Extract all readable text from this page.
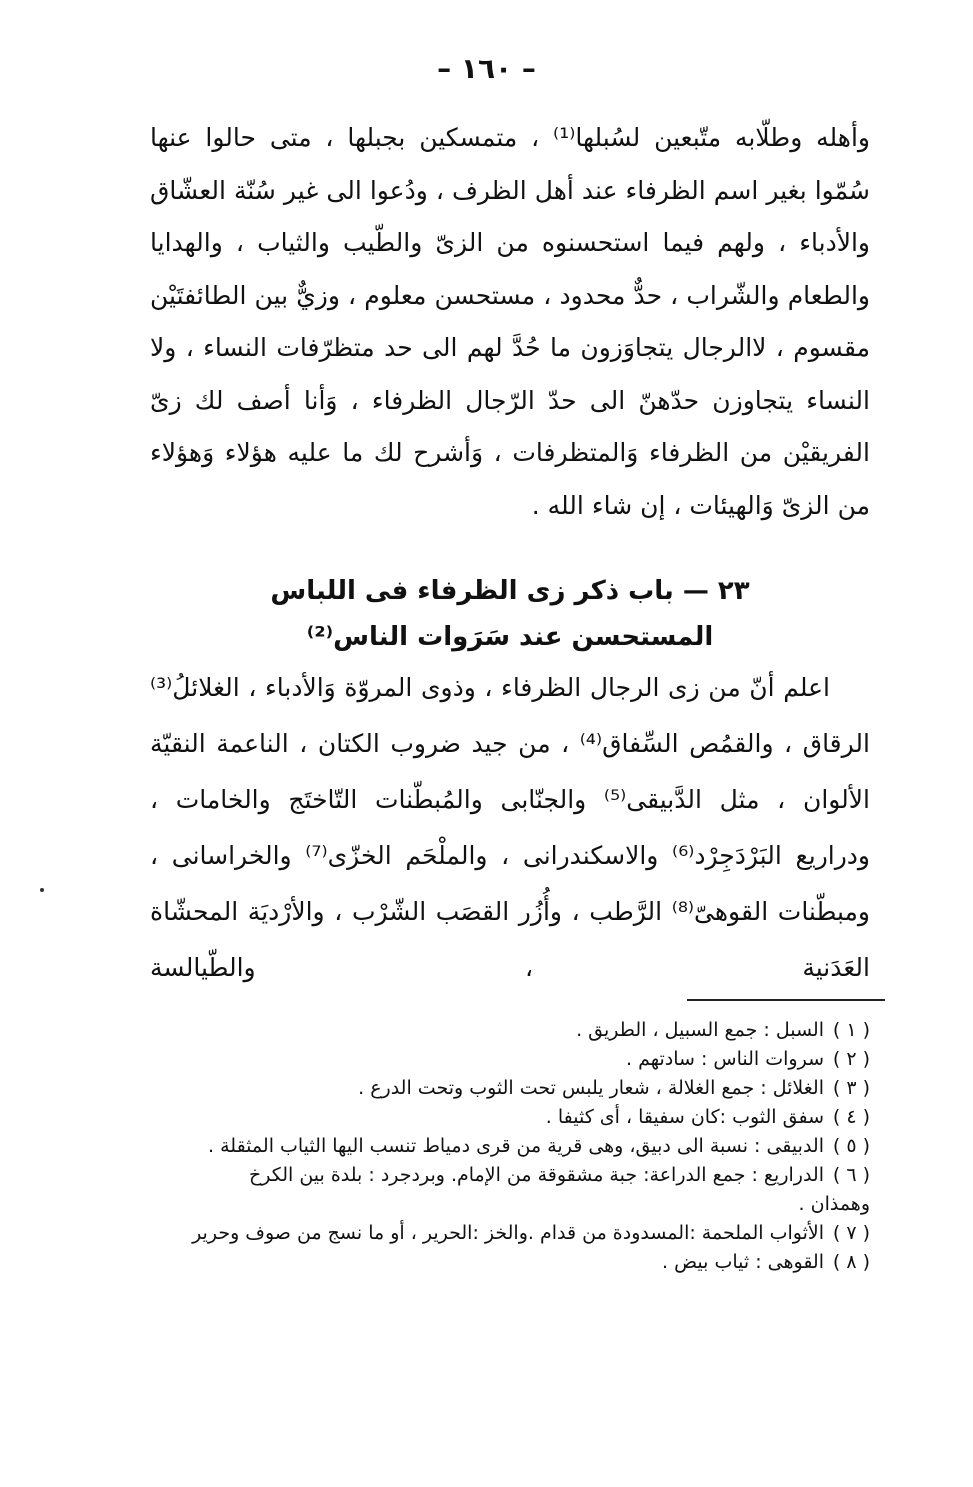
– ١٦٠ –

وأهله وطلّابه متّبعين لسُبلها⁽¹⁾ ، متمسكين بجبلها ، متى حالوا عنها سُمّوا بغير اسم الظرفاء عند أهل الظرف ، ودُعوا الى غير سُنّة العشّاق والأدباء ، ولهم فيما استحسنوه من الزىّ والطّيب والثياب ، والهدايا والطعام والشّراب ، حدٌّ محدود ، مستحسن معلوم ، وزيٌّ بين الطائفتَيْن مقسوم ، لاالرجال يتجاوَزون ما حُدَّ لهم الى حد متظرّفات النساء ، ولا النساء يتجاوزن حدّهنّ الى حدّ الرّجال الظرفاء ، وَأنا أصف لك زىّ الفريقيْن من الظرفاء وَالمتظرفات ، وَأشرح لك ما عليه هؤلاء وَهؤلاء من الزىّ وَالهيئات ، إن شاء الله .

٢٣ — باب ذكر زى الظرفاء فى اللباس

المستحسن عند سَرَوات الناس⁽²⁾

اعلم أنّ من زى الرجال الظرفاء ، وذوى المروّة وَالأدباء ، الغلائلُ⁽³⁾ الرقاق ، والقمُص السِّفاق⁽⁴⁾ ، من جيد ضروب الكتان ، الناعمة النقيّة الألوان ، مثل الدَّبيقى⁽⁵⁾ والجنّابى والمُبطّنات التّاختَج والخامات ، ودراريع البَرْدَجِرْد⁽⁶⁾ والاسكندرانى ، والملْحَم الخزّى⁽⁷⁾ والخراسانى ، ومبطّنات القوهىّ⁽⁸⁾ الرَّطب ، وأُزُر القصَب الشّرْب ، والأرْديَة المحشّاة العَدَنية ، والطّيالسة

( ١ )السبل : جمع السبيل ، الطريق .
( ٢ )سروات الناس : سادتهم .
( ٣ )الغلائل : جمع الغلالة ، شعار يلبس تحت الثوب وتحت الدرع .
( ٤ )سفق الثوب :كان سفيقا ، أى كثيفا .
( ٥ )الدبيقى : نسبة الى دبيق، وهى قرية من قرى دمياط تنسب اليها الثياب المثقلة .
( ٦ )الدراريع : جمع الدراعة: جبة مشقوقة من الإمام. وبردجرد : بلدة بين الكرخ
وهمذان .
( ٧ )الأثواب الملحمة :المسدودة من قدام .والخز :الحرير ، أو ما نسج من صوف وحرير
( ٨ )القوهى : ثياب بيض .
